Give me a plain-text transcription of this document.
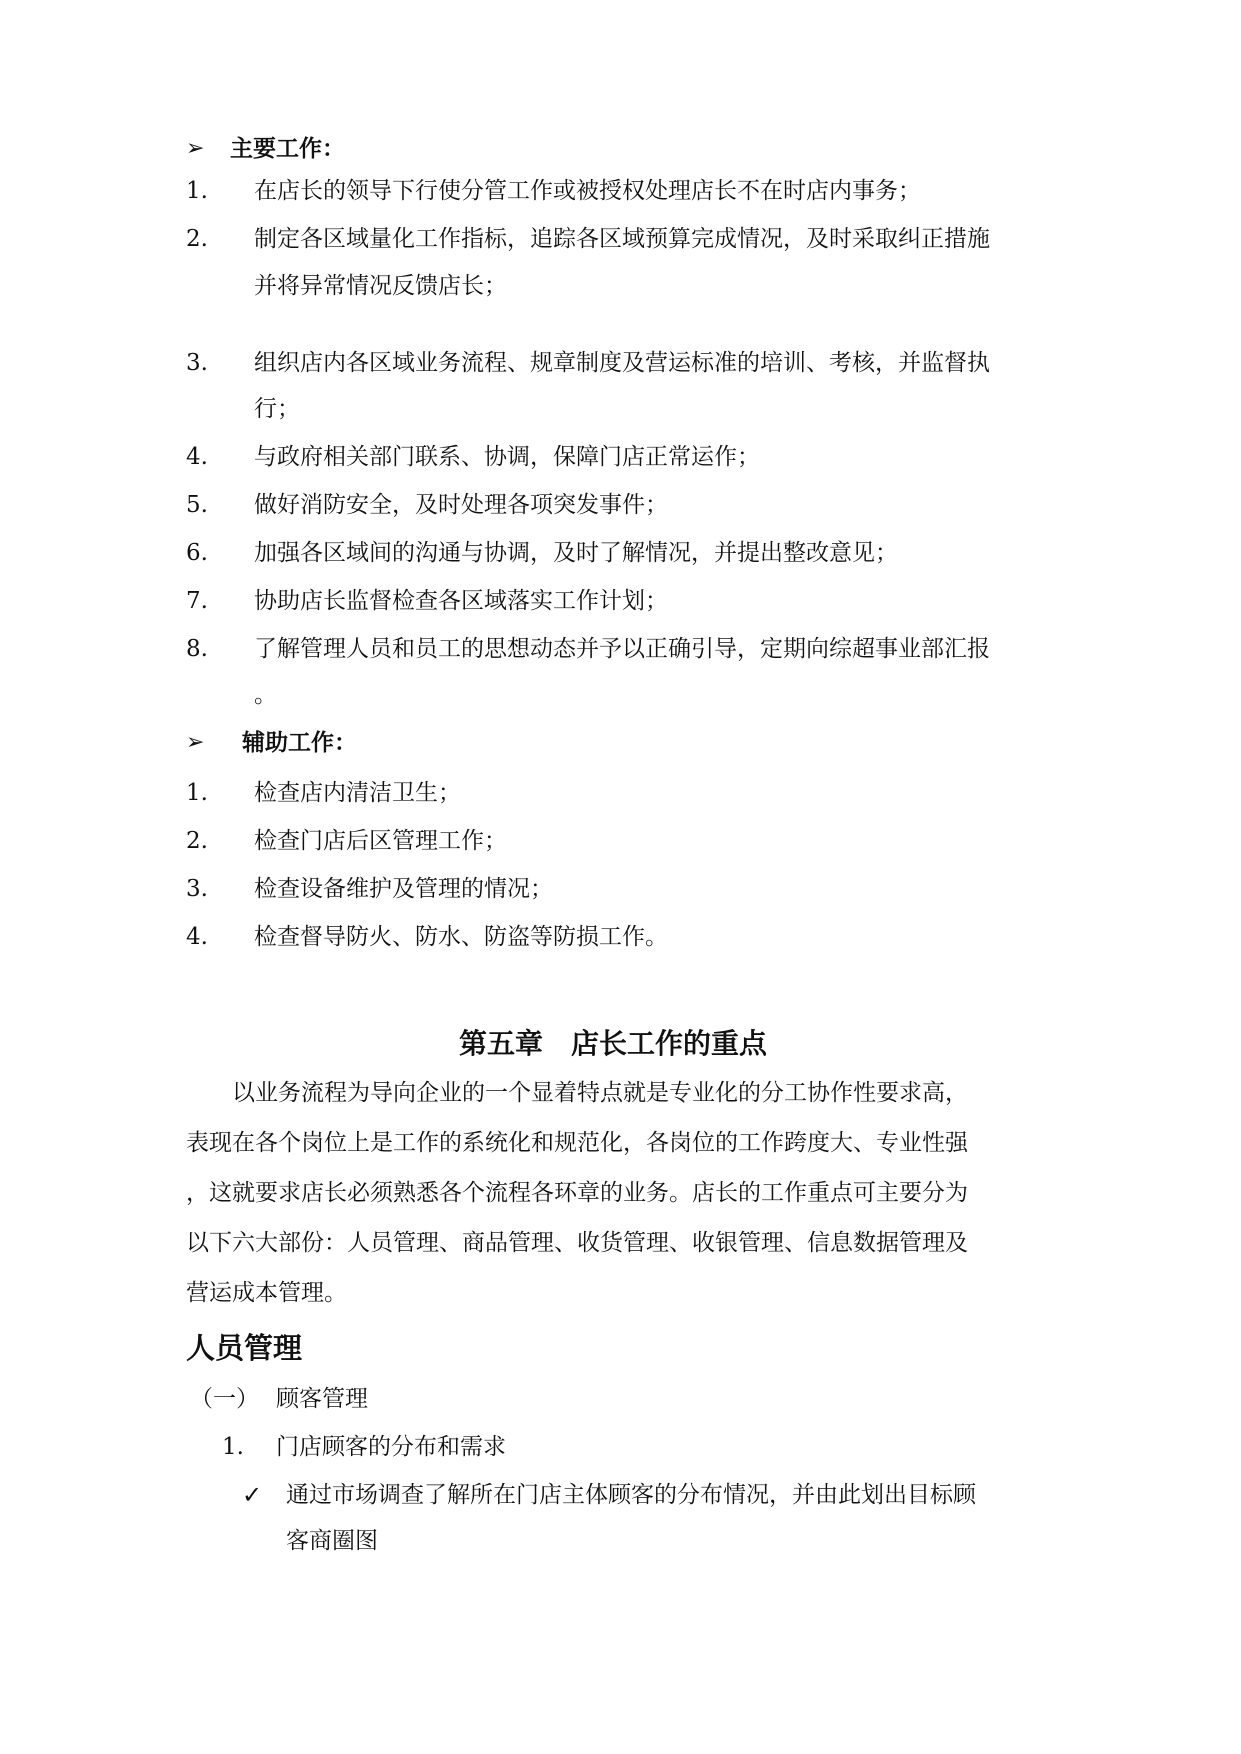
➢ 主要工作：
1. 在店长的领导下行使分管工作或被授权处理店长不在时店内事务；
2. 制定各区域量化工作指标，追踪各区域预算完成情况，及时采取纠正措施
并将异常情况反馈店长；
3. 组织店内各区域业务流程、规章制度及营运标准的培训、考核，并监督执
行；
4. 与政府相关部门联系、协调，保障门店正常运作；
5. 做好消防安全，及时处理各项突发事件；
6. 加强各区域间的沟通与协调，及时了解情况，并提出整改意见；
7. 协助店长监督检查各区域落实工作计划；
8. 了解管理人员和员工的思想动态并予以正确引导，定期向综超事业部汇报
。
➢ 辅助工作：
1. 检查店内清洁卫生；
2. 检查门店后区管理工作；
3. 检查设备维护及管理的情况；
4. 检查督导防火、防水、防盗等防损工作。
第五章　店长工作的重点
以业务流程为导向企业的一个显着特点就是专业化的分工协作性要求高，
表现在各个岗位上是工作的系统化和规范化，各岗位的工作跨度大、专业性强
，这就要求店长必须熟悉各个流程各环章的业务。店长的工作重点可主要分为
以下六大部份：人员管理、商品管理、收货管理、收银管理、信息数据管理及
营运成本管理。
人员管理
（一） 顾客管理
1. 门店顾客的分布和需求
✓ 通过市场调查了解所在门店主体顾客的分布情况，并由此划出目标顾
客商圈图
